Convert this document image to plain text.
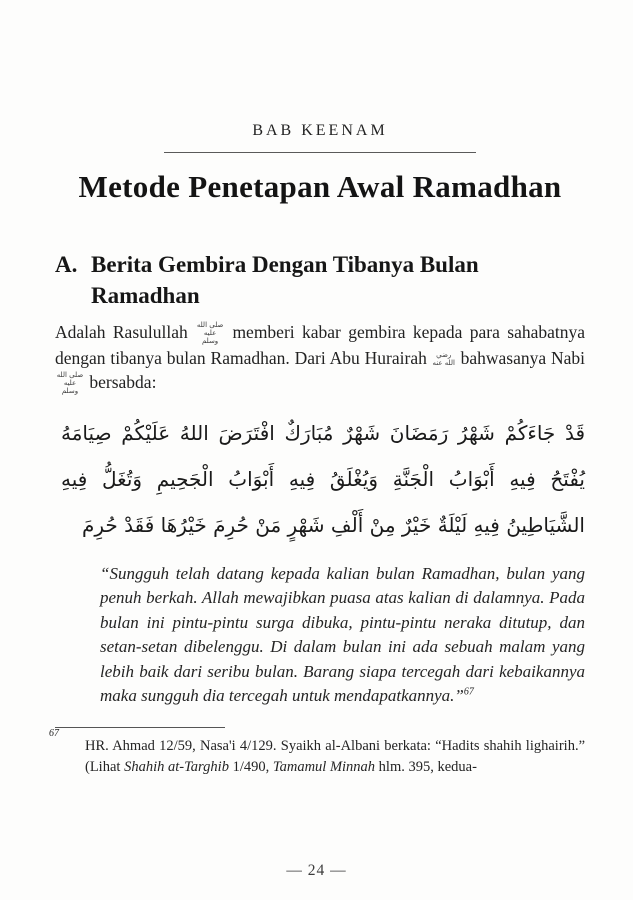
BAB KEENAM
Metode Penetapan Awal Ramadhan
A. Berita Gembira Dengan Tibanya Bulan
Ramadhan

Adalah Rasulullah صلى الله عليه وسلم memberi kabar gembira kepada para sahabatnya dengan tibanya bulan Ramadhan. Dari Abu Hurairah رضي الله عنه bahwasanya Nabi صلى الله عليه وسلم bersabda:

قَدْ جَاءَكُمْ شَهْرُ رَمَضَانَ شَهْرٌ مُبَارَكٌ افْتَرَضَ اللهُ عَلَيْكُمْ صِيَامَهُ يُفْتَحُ فِيهِ أَبْوَابُ الْجَنَّةِ وَيُغْلَقُ فِيهِ أَبْوَابُ الْجَحِيمِ وَتُغَلُّ فِيهِ الشَّيَاطِينُ فِيهِ لَيْلَةٌ خَيْرٌ مِنْ أَلْفِ شَهْرٍ مَنْ حُرِمَ خَيْرُهَا فَقَدْ حُرِمَ

“Sungguh telah datang kepada kalian bulan Ramadhan, bulan yang penuh berkah. Allah mewajibkan puasa atas kalian di dalamnya. Pada bulan ini pintu-pintu surga dibuka, pintu-pintu neraka ditutup, dan setan-setan dibelenggu. Di dalam bulan ini ada sebuah malam yang lebih baik dari seribu bulan. Barang siapa tercegah dari kebaikannya maka sungguh dia tercegah untuk mendapatkannya.”$^{67}$

67
HR. Ahmad 12/59, Nasa'i 4/129. Syaikh al-Albani berkata: “Hadits shahih lighairih.” (Lihat Shahih at-Targhib 1/490, Tamamul Minnah hlm. 395, kedua-

— 24 —
